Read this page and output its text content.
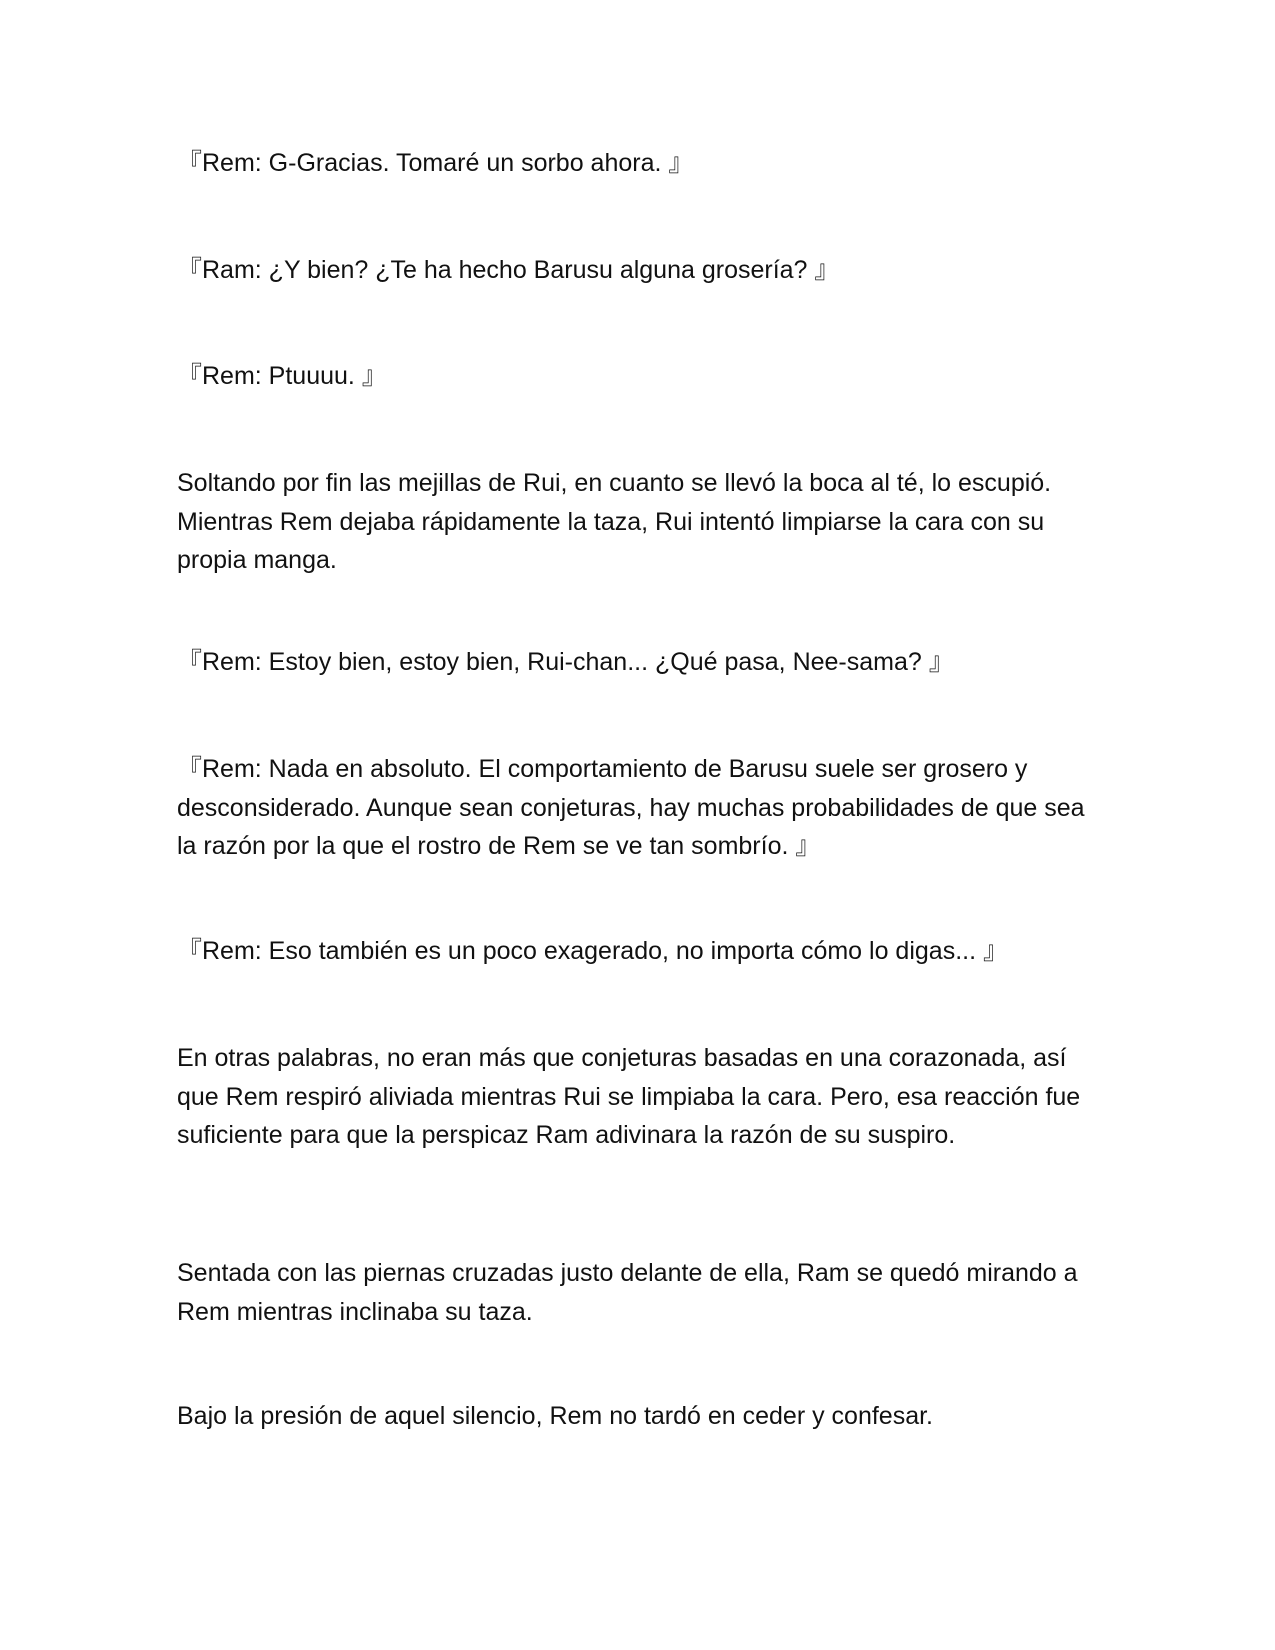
『Rem: G-Gracias. Tomaré un sorbo ahora. 』

『Ram: ¿Y bien? ¿Te ha hecho Barusu alguna grosería? 』

『Rem: Ptuuuu. 』

Soltando por fin las mejillas de Rui, en cuanto se llevó la boca al té, lo escupió. Mientras Rem dejaba rápidamente la taza, Rui intentó limpiarse la cara con su propia manga.

『Rem: Estoy bien, estoy bien, Rui-chan... ¿Qué pasa, Nee-sama? 』

『Rem: Nada en absoluto. El comportamiento de Barusu suele ser grosero y desconsiderado. Aunque sean conjeturas, hay muchas probabilidades de que sea la razón por la que el rostro de Rem se ve tan sombrío. 』

『Rem: Eso también es un poco exagerado, no importa cómo lo digas... 』

En otras palabras, no eran más que conjeturas basadas en una corazonada, así que Rem respiró aliviada mientras Rui se limpiaba la cara. Pero, esa reacción fue suficiente para que la perspicaz Ram adivinara la razón de su suspiro.

Sentada con las piernas cruzadas justo delante de ella, Ram se quedó mirando a Rem mientras inclinaba su taza.

Bajo la presión de aquel silencio, Rem no tardó en ceder y confesar.
